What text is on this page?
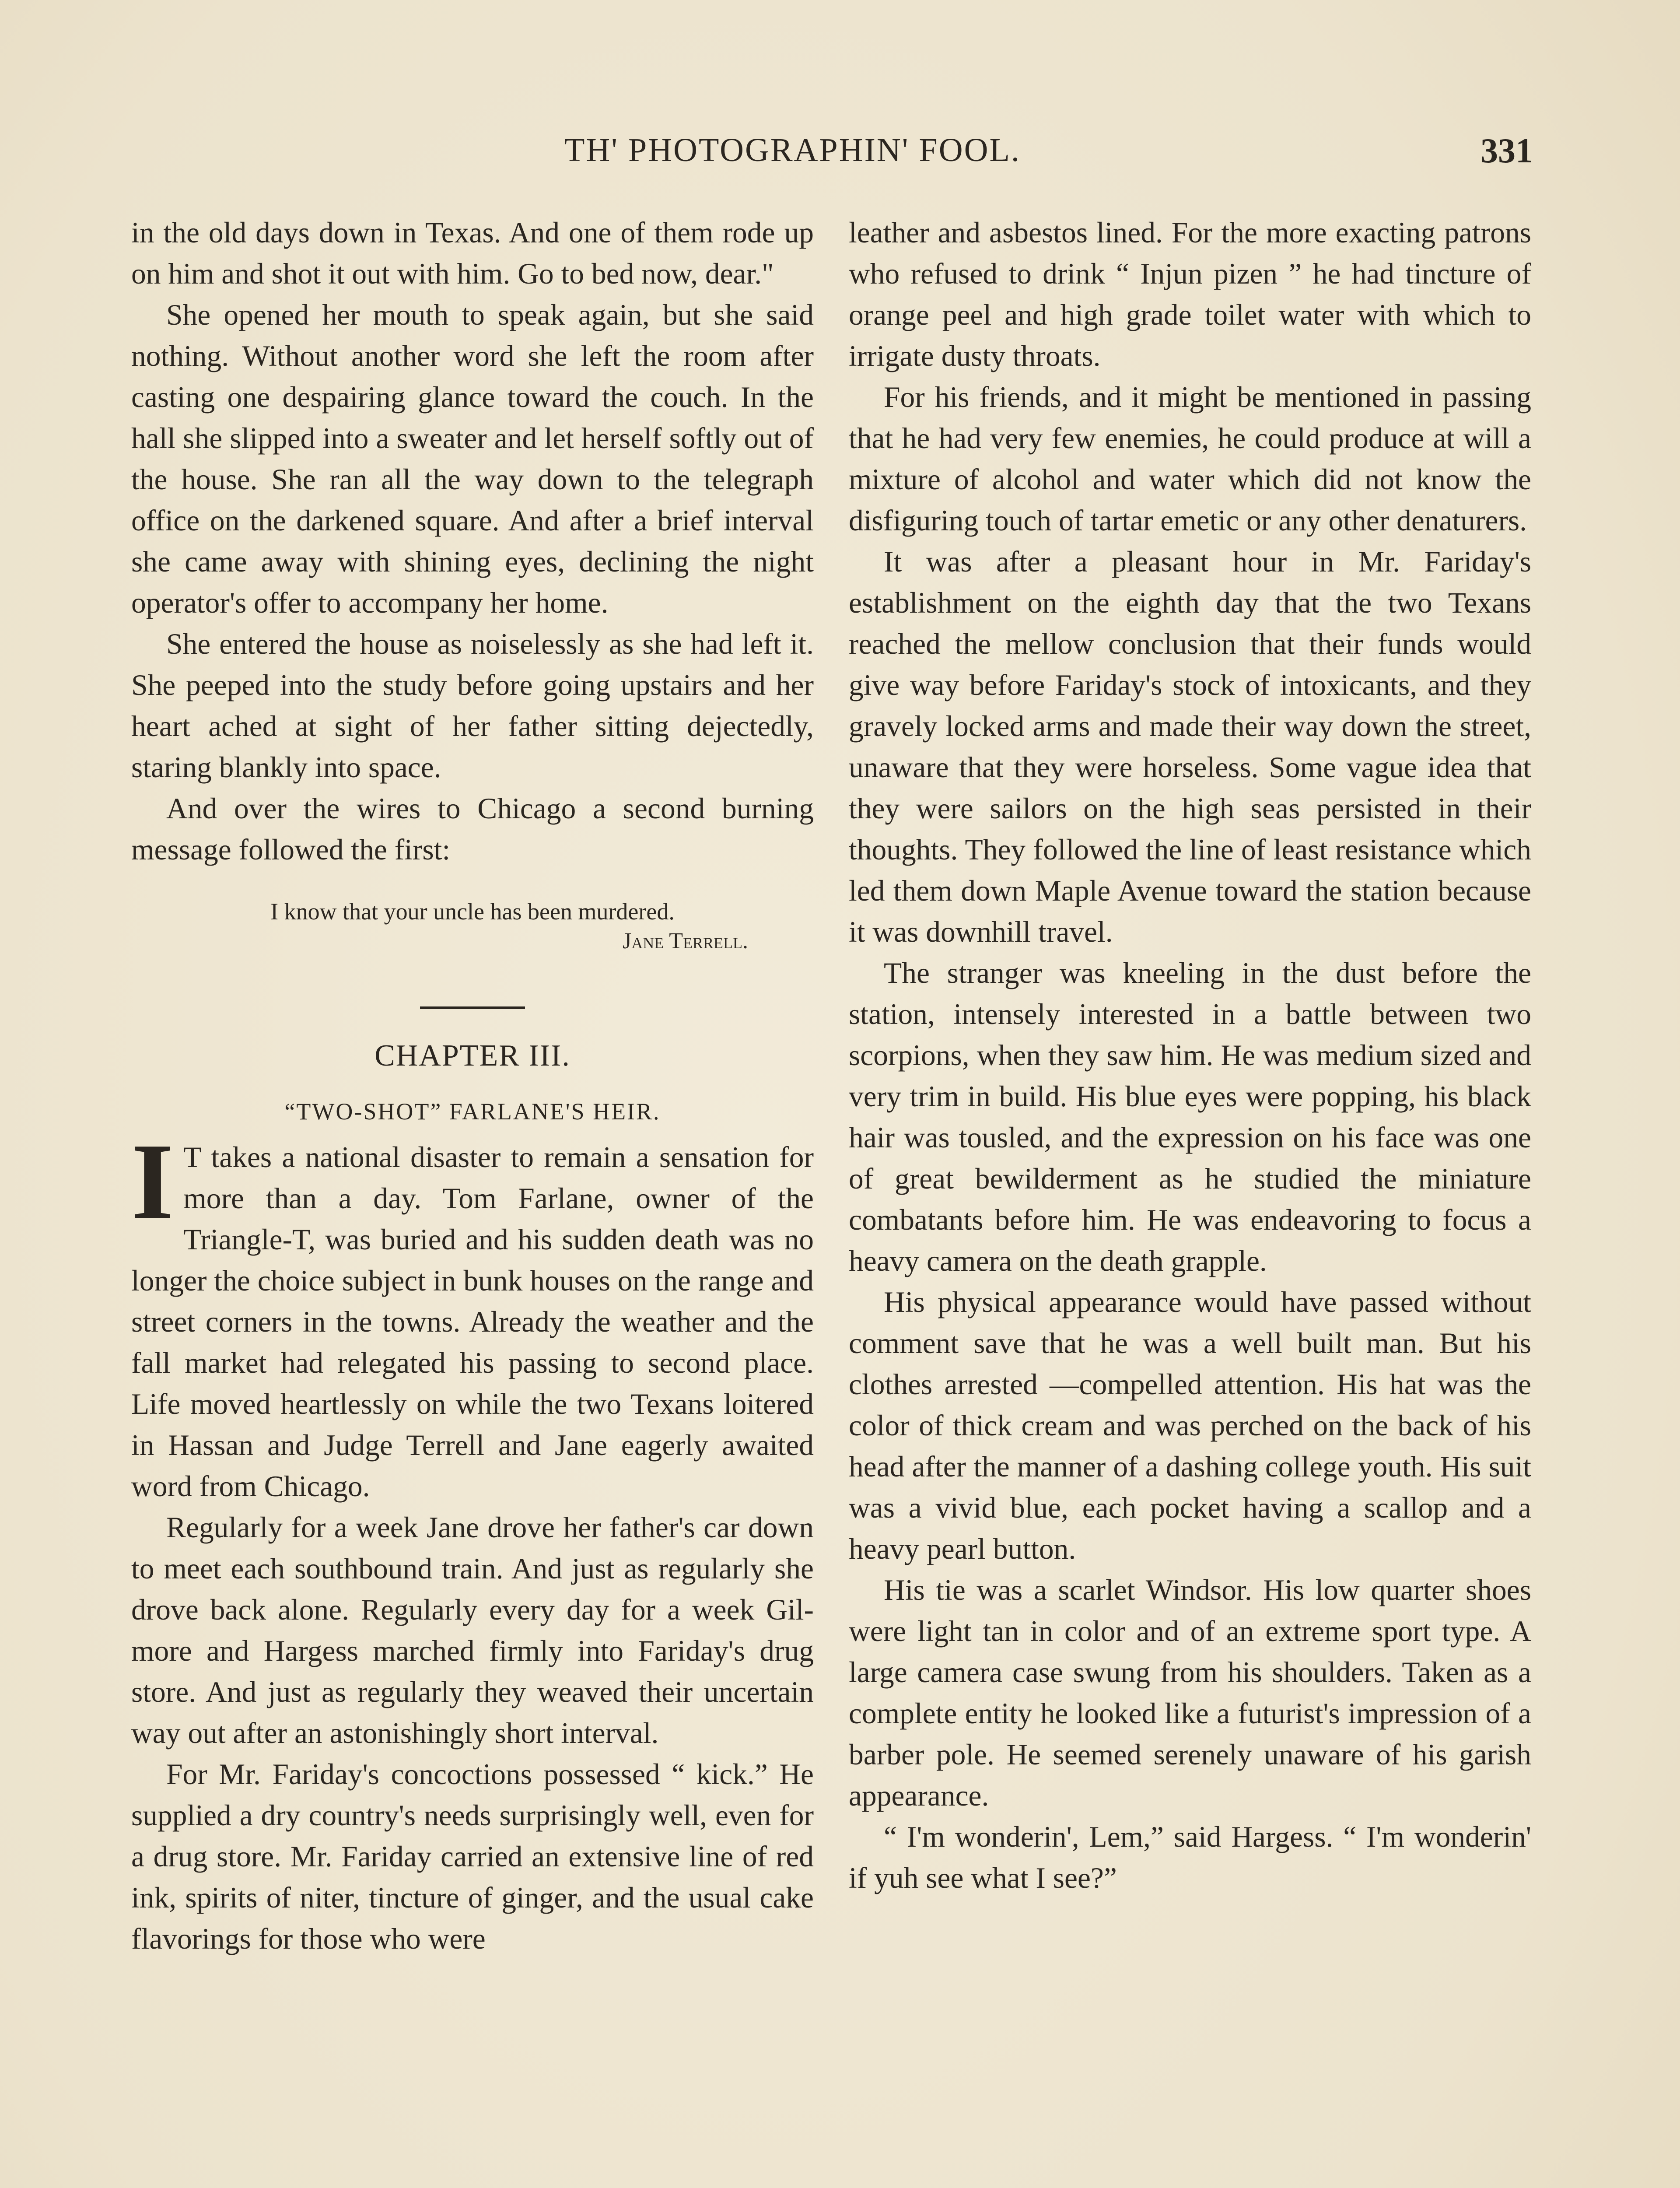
TH' PHOTOGRAPHIN' FOOL.	331

in the old days down in Texas. And one of them rode up on him and shot it out with him. Go to bed now, dear."

She opened her mouth to speak again, but she said nothing. Without another word she left the room after casting one despairing glance toward the couch. In the hall she slipped into a sweater and let herself softly out of the house. She ran all the way down to the telegraph office on the darkened square. And after a brief interval she came away with shining eyes, declining the night operator's offer to accompany her home.

She entered the house as noiselessly as she had left it. She peeped into the study before going upstairs and her heart ached at sight of her father sitting dejectedly, staring blankly into space.

And over the wires to Chicago a second burning message followed the first:

I know that your uncle has been murdered.
Jane Terrell.
CHAPTER III.
“TWO-SHOT” FARLANE'S HEIR.

I T takes a national disaster to remain a sensation for more than a day. Tom Farlane, owner of the Triangle-T, was buried and his sudden death was no longer the choice subject in bunk houses on the range and street corners in the towns. Already the weather and the fall market had relegated his passing to second place. Life moved heartlessly on while the two Texans loitered in Hassan and Judge Terrell and Jane eagerly awaited word from Chicago.

Regularly for a week Jane drove her father's car down to meet each southbound train. And just as regularly she drove back alone. Regularly every day for a week Gilmore and Hargess marched firmly into Fariday's drug store. And just as regularly they weaved their uncertain way out after an astonishingly short interval.

For Mr. Fariday's concoctions possessed “ kick.” He supplied a dry country's needs surprisingly well, even for a drug store. Mr. Fariday carried an extensive line of red ink, spirits of niter, tincture of ginger, and the usual cake flavorings for those who were

leather and asbestos lined. For the more exacting patrons who refused to drink “ Injun pizen ” he had tincture of orange peel and high grade toilet water with which to irrigate dusty throats.

For his friends, and it might be mentioned in passing that he had very few enemies, he could produce at will a mixture of alcohol and water which did not know the disfiguring touch of tartar emetic or any other denaturers.

It was after a pleasant hour in Mr. Fariday's establishment on the eighth day that the two Texans reached the mellow conclusion that their funds would give way before Fariday's stock of intoxicants, and they gravely locked arms and made their way down the street, unaware that they were horseless. Some vague idea that they were sailors on the high seas persisted in their thoughts. They followed the line of least resistance which led them down Maple Avenue toward the station because it was downhill travel.

The stranger was kneeling in the dust before the station, intensely interested in a battle between two scorpions, when they saw him. He was medium sized and very trim in build. His blue eyes were popping, his black hair was tousled, and the expression on his face was one of great bewilderment as he studied the miniature combatants before him. He was endeavoring to focus a heavy camera on the death grapple.

His physical appearance would have passed without comment save that he was a well built man. But his clothes arrested —compelled attention. His hat was the color of thick cream and was perched on the back of his head after the manner of a dashing college youth. His suit was a vivid blue, each pocket having a scallop and a heavy pearl button.

His tie was a scarlet Windsor. His low quarter shoes were light tan in color and of an extreme sport type. A large camera case swung from his shoulders. Taken as a complete entity he looked like a futurist's impression of a barber pole. He seemed serenely unaware of his garish appearance.

“ I'm wonderin', Lem,” said Hargess. “ I'm wonderin' if yuh see what I see?”
